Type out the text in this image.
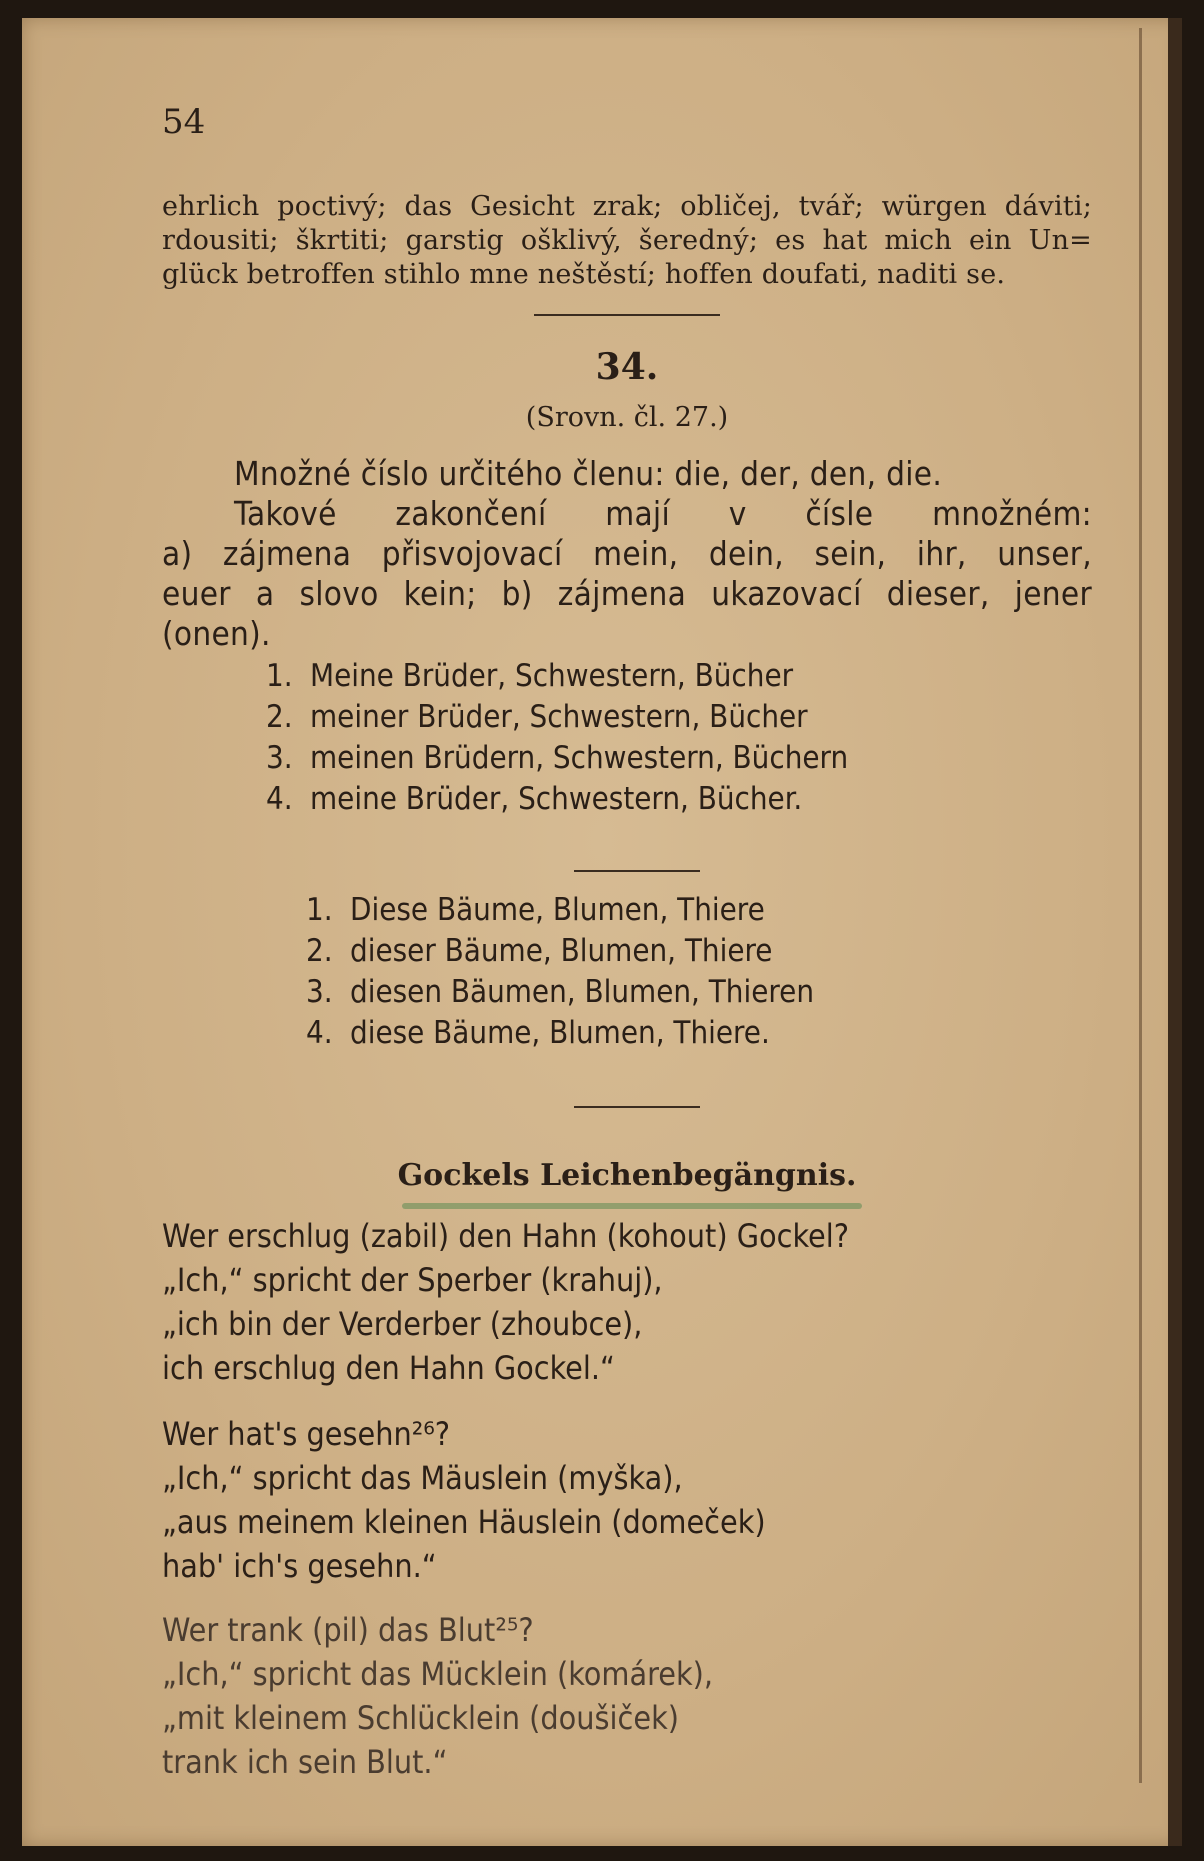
54
ehrlich poctivý; das Gesicht zrak; obličej, tvář; würgen dáviti;
rdousiti; škrtiti; garstig ošklivý, šeredný; es hat mich ein Un=
glück betroffen stihlo mne neštěstí; hoffen doufati, naditi se.
34.
(Srovn. čl. 27.)
Množné číslo určitého členu: die, der, den, die.
Takové zakončení mají v čísle množném:
a) zájmena přisvojovací mein, dein, sein, ihr, unser,
euer a slovo kein; b) zájmena ukazovací dieser, jener
(onen).
1. Meine Brüder, Schwestern, Bücher
2. meiner Brüder, Schwestern, Bücher
3. meinen Brüdern, Schwestern, Büchern
4. meine Brüder, Schwestern, Bücher.
1. Diese Bäume, Blumen, Thiere
2. dieser Bäume, Blumen, Thiere
3. diesen Bäumen, Blumen, Thieren
4. diese Bäume, Blumen, Thiere.
Gockels Leichenbegängnis.
Wer erschlug (zabil) den Hahn (kohout) Gockel?
„Ich,“ spricht der Sperber (krahuj),
„ich bin der Verderber (zhoubce),
ich erschlug den Hahn Gockel.“
Wer hat's gesehn²⁶?
„Ich,“ spricht das Mäuslein (myška),
„aus meinem kleinen Häuslein (domeček)
hab' ich's gesehn.“
Wer trank (pil) das Blut²⁵?
„Ich,“ spricht das Mücklein (komárek),
„mit kleinem Schlücklein (doušiček)
trank ich sein Blut.“
